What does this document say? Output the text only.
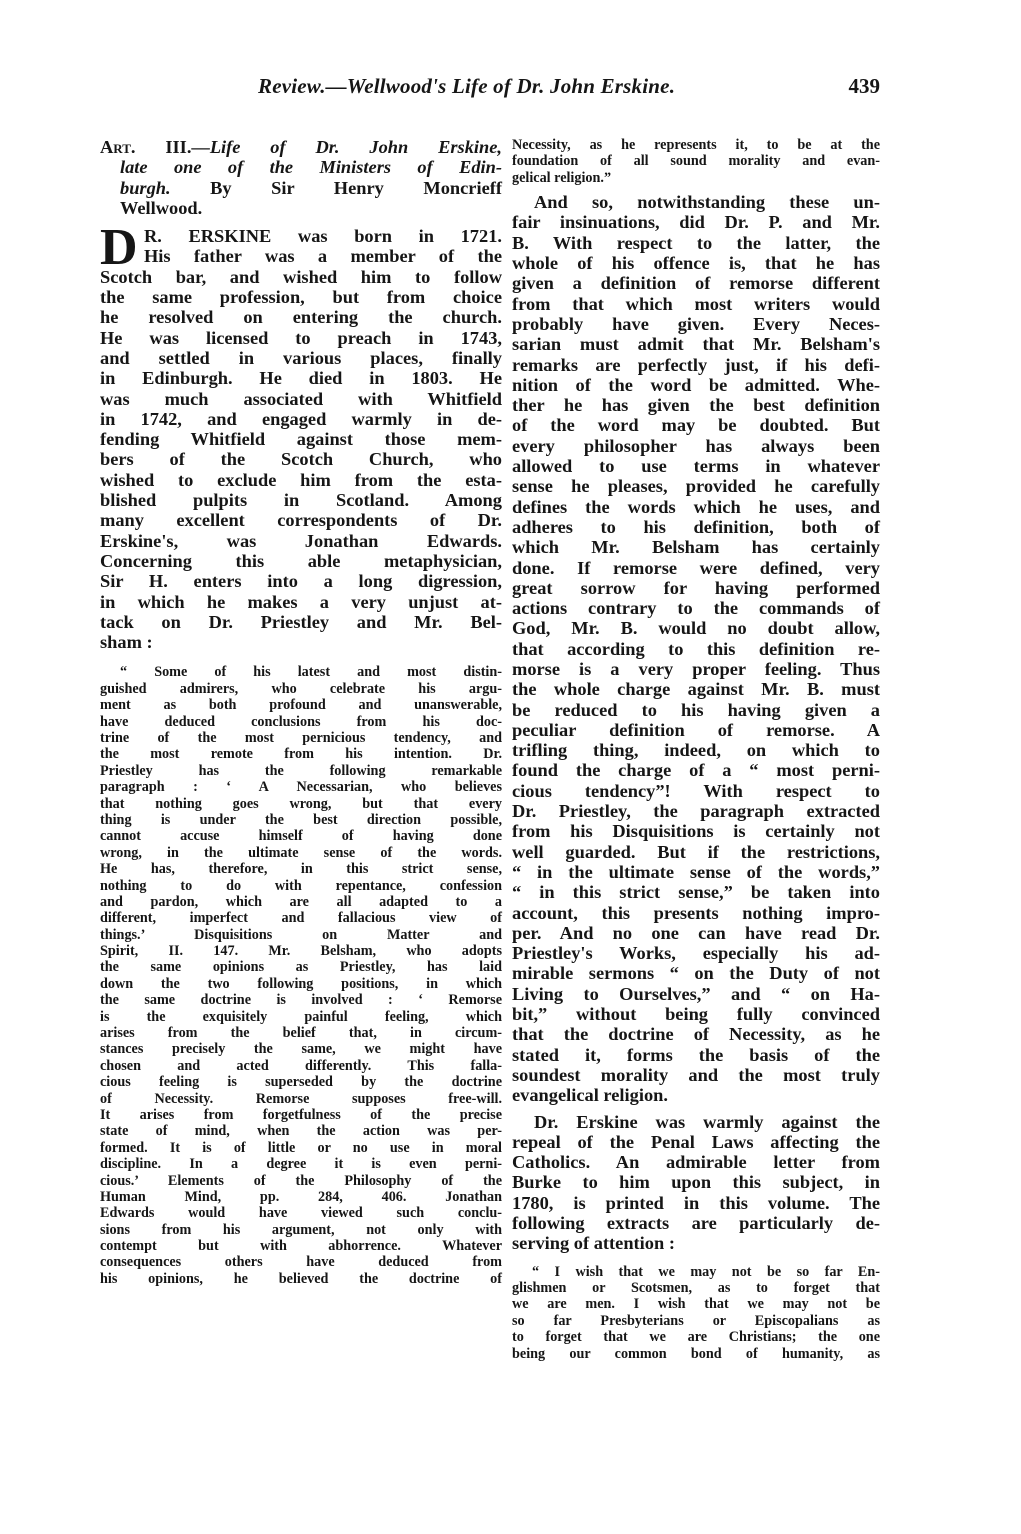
Review.—Wellwood's Life of Dr. John Erskine.	439
Art. III.—Life of Dr. John Erskine,
late one of the Ministers of Edin-
burgh. By Sir Henry Moncrieff
Wellwood.
D R. ERSKINE was born in 1721.
His father was a member of the
Scotch bar, and wished him to follow
the same profession, but from choice
he resolved on entering the church.
He was licensed to preach in 1743,
and settled in various places, finally
in Edinburgh. He died in 1803. He
was much associated with Whitfield
in 1742, and engaged warmly in de-
fending Whitfield against those mem-
bers of the Scotch Church, who
wished to exclude him from the esta-
blished pulpits in Scotland. Among
many excellent correspondents of Dr.
Erskine's, was Jonathan Edwards.
Concerning this able metaphysician,
Sir H. enters into a long digression,
in which he makes a very unjust at-
tack on Dr. Priestley and Mr. Bel-
sham :
“ Some of his latest and most distin-
guished admirers, who celebrate his argu-
ment as both profound and unanswerable,
have deduced conclusions from his doc-
trine of the most pernicious tendency, and
the most remote from his intention. Dr.
Priestley has the following remarkable
paragraph : ‘ A Necessarian, who believes
that nothing goes wrong, but that every
thing is under the best direction possible,
cannot accuse himself of having done
wrong, in the ultimate sense of the words.
He has, therefore, in this strict sense,
nothing to do with repentance, confession
and pardon, which are all adapted to a
different, imperfect and fallacious view of
things.’ Disquisitions on Matter and
Spirit, II. 147. Mr. Belsham, who adopts
the same opinions as Priestley, has laid
down the two following positions, in which
the same doctrine is involved : ‘ Remorse
is the exquisitely painful feeling, which
arises from the belief that, in circum-
stances precisely the same, we might have
chosen and acted differently. This falla-
cious feeling is superseded by the doctrine
of Necessity. Remorse supposes free-will.
It arises from forgetfulness of the precise
state of mind, when the action was per-
formed. It is of little or no use in moral
discipline. In a degree it is even perni-
cious.’ Elements of the Philosophy of the
Human Mind, pp. 284, 406. Jonathan
Edwards would have viewed such conclu-
sions from his argument, not only with
contempt but with abhorrence. Whatever
consequences others have deduced from
his opinions, he believed the doctrine of
Necessity, as he represents it, to be at the
foundation of all sound morality and evan-
gelical religion.”
And so, notwithstanding these un-
fair insinuations, did Dr. P. and Mr.
B. With respect to the latter, the
whole of his offence is, that he has
given a definition of remorse different
from that which most writers would
probably have given. Every Neces-
sarian must admit that Mr. Belsham's
remarks are perfectly just, if his defi-
nition of the word be admitted. Whe-
ther he has given the best definition
of the word may be doubted. But
every philosopher has always been
allowed to use terms in whatever
sense he pleases, provided he carefully
defines the words which he uses, and
adheres to his definition, both of
which Mr. Belsham has certainly
done. If remorse were defined, very
great sorrow for having performed
actions contrary to the commands of
God, Mr. B. would no doubt allow,
that according to this definition re-
morse is a very proper feeling. Thus
the whole charge against Mr. B. must
be reduced to his having given a
peculiar definition of remorse. A
trifling thing, indeed, on which to
found the charge of a “ most perni-
cious tendency”! With respect to
Dr. Priestley, the paragraph extracted
from his Disquisitions is certainly not
well guarded. But if the restrictions,
“ in the ultimate sense of the words,”
“ in this strict sense,” be taken into
account, this presents nothing impro-
per. And no one can have read Dr.
Priestley's Works, especially his ad-
mirable sermons “ on the Duty of not
Living to Ourselves,” and “ on Ha-
bit,” without being fully convinced
that the doctrine of Necessity, as he
stated it, forms the basis of the
soundest morality and the most truly
evangelical religion.
Dr. Erskine was warmly against the
repeal of the Penal Laws affecting the
Catholics. An admirable letter from
Burke to him upon this subject, in
1780, is printed in this volume. The
following extracts are particularly de-
serving of attention :
“ I wish that we may not be so far En-
glishmen or Scotsmen, as to forget that
we are men. I wish that we may not be
so far Presbyterians or Episcopalians as
to forget that we are Christians; the one
being our common bond of humanity, as
